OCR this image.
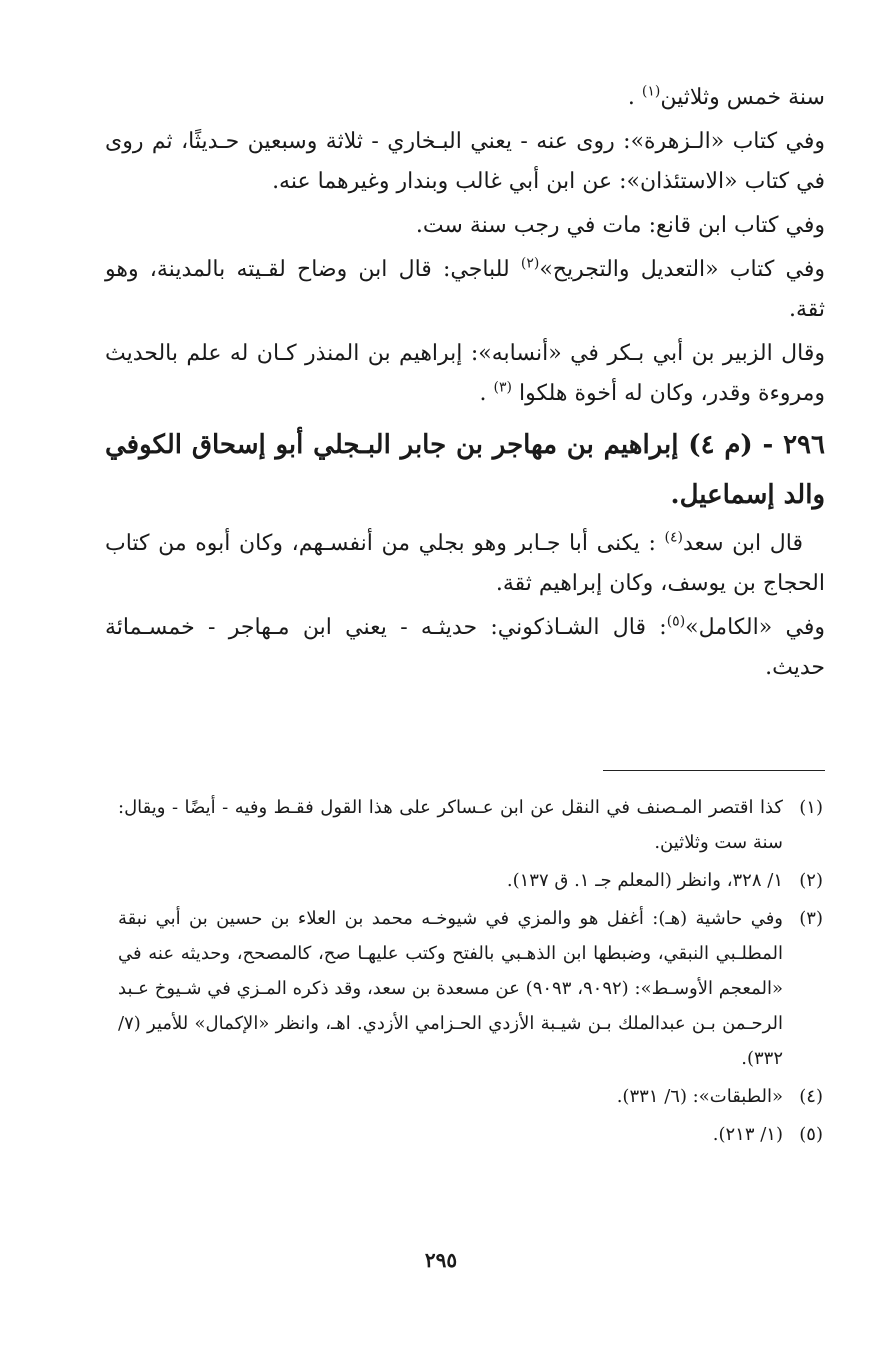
سنة خمس وثلاثين$^{(١)}$ .

وفي كتاب «الـزهرة»: روى عنه - يعني البـخاري - ثلاثة وسبعين حـديثًا، ثم روى في كتاب «الاستئذان»: عن ابن أبي غالب وبندار وغيرهما عنه.

وفي كتاب ابن قانع: مات في رجب سنة ست.

وفي كتاب «التعديل والتجريح»$^{(٢)}$ للباجي: قال ابن وضاح لقـيته بالمدينة، وهو ثقة.

وقال الزبير بن أبي بـكر في «أنسابه»: إبراهيم بن المنذر كـان له علم بالحديث ومروءة وقدر، وكان له أخوة هلكوا $^{(٣)}$ .

٢٩٦ - (م ٤) إبراهيم بن مهاجر بن جابر البـجلي أبو إسحاق الكوفي والد إسماعيل.

قال ابن سعد$^{(٤)}$ : يكنى أبا جـابر وهو بجلي من أنفسـهم، وكان أبوه من كتاب الحجاج بن يوسف، وكان إبراهيم ثقة.

وفي «الكامل»$^{(٥)}$: قال الشـاذكوني: حديثـه - يعني ابن مـهاجر - خمسـمائة حديث.

(١)
كذا اقتصر المـصنف في النقل عن ابن عـساكر على هذا القول فقـط وفيه - أيضًا - ويقال: سنة ست وثلاثين.
(٢)
١/ ٣٢٨، وانظر (المعلم جـ ١. ق ١٣٧).
(٣)
وفي حاشية (هـ): أغفل هو والمزي في شيوخـه محمد بن العلاء بن حسين بن أبي نبقة المطلـبي النبقي، وضبطها ابن الذهـبي بالفتح وكتب عليهـا صح، كالمصحح، وحديثه عنه في «المعجم الأوسـط»: (٩٠٩٢، ٩٠٩٣) عن مسعدة بن سعد، وقد ذكره المـزي في شـيوخ عـبد الرحـمن بـن عبدالملك بـن شيـبة الأزدي الحـزامي الأزدي. اهـ، وانظر «الإكمال» للأمير (٧/ ٣٣٢).
(٤)
«الطبقات»: (٦/ ٣٣١).
(٥)
(١/ ٢١٣).
٢٩٥
